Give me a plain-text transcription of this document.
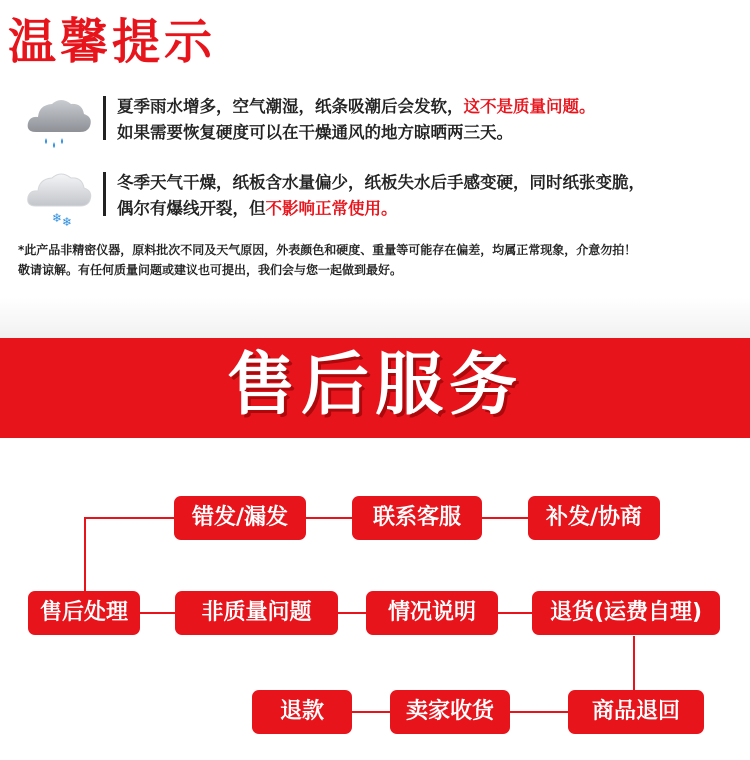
温馨提示
夏季雨水增多，空气潮湿，纸条吸潮后会发软，这不是质量问题。
如果需要恢复硬度可以在干燥通风的地方晾晒两三天。
❄ ❄
冬季天气干燥，纸板含水量偏少，纸板失水后手感变硬，同时纸张变脆，
偶尔有爆线开裂，但不影响正常使用。
*此产品非精密仪器，原料批次不同及天气原因，外表颜色和硬度、重量等可能存在偏差，均属正常现象，介意勿拍！
敬请谅解。有任何质量问题或建议也可提出，我们会与您一起做到最好。
售后服务
售后处理
错发/漏发	联系客服	补发/协商
非质量问题	情况说明	退货(运费自理)
商品退回
卖家收货
退款
